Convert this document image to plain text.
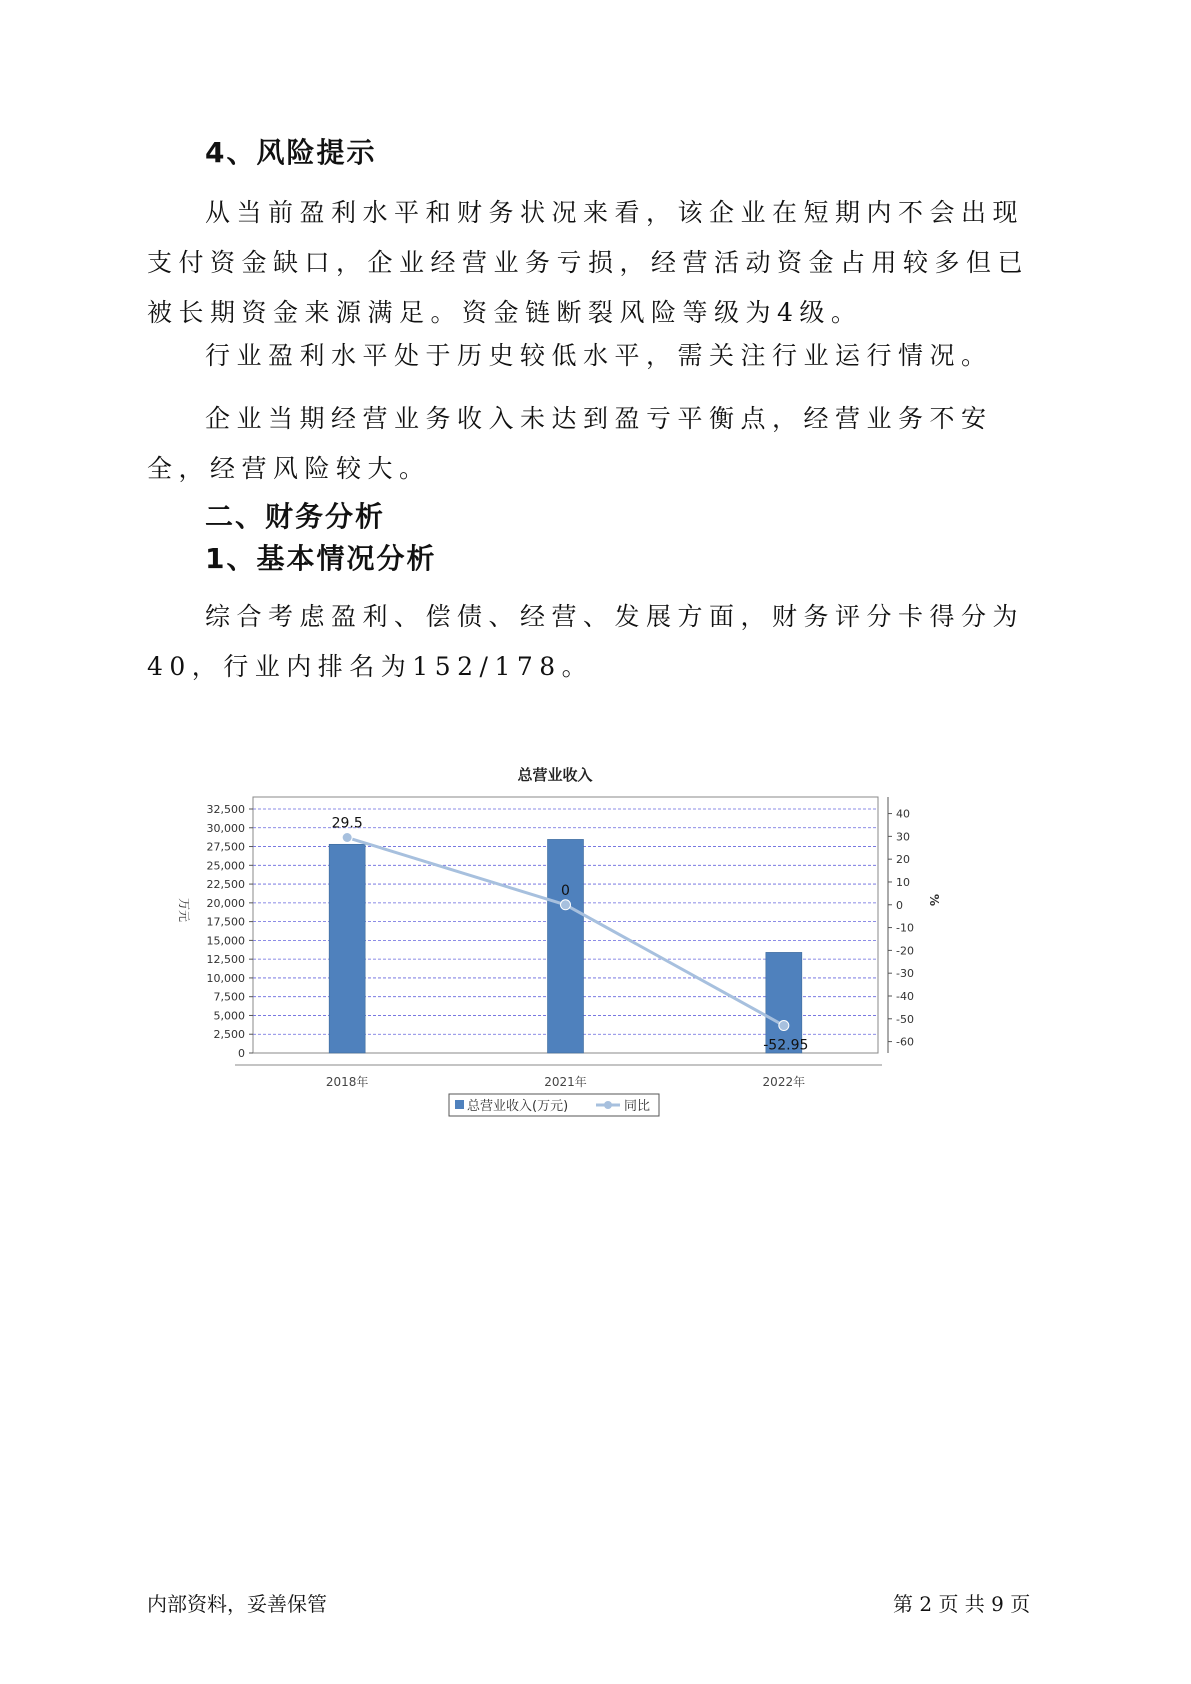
4、风险提示
从当前盈利水平和财务状况来看，该企业在短期内不会出现支付资金缺口，企业经营业务亏损，经营活动资金占用较多但已被长期资金来源满足。资金链断裂风险等级为4级。
行业盈利水平处于历史较低水平，需关注行业运行情况。
企业当期经营业务收入未达到盈亏平衡点，经营业务不安全，经营风险较大。
二、财务分析
1、基本情况分析
综合考虑盈利、偿债、经营、发展方面，财务评分卡得分为40，行业内排名为152/178。
总营业收入
0
2,500
5,000
7,500
10,000
12,500
15,000
17,500
20,000
22,500
25,000
27,500
30,000
32,500	40
30
20
10
0
-10
-20
-30
-40
-50
-60
万元	%
2018年	2021年	2022年
29.5
0
-52.95
总营业收入(万元)	同比
内部资料，妥善保管	第 2 页 共 9 页
